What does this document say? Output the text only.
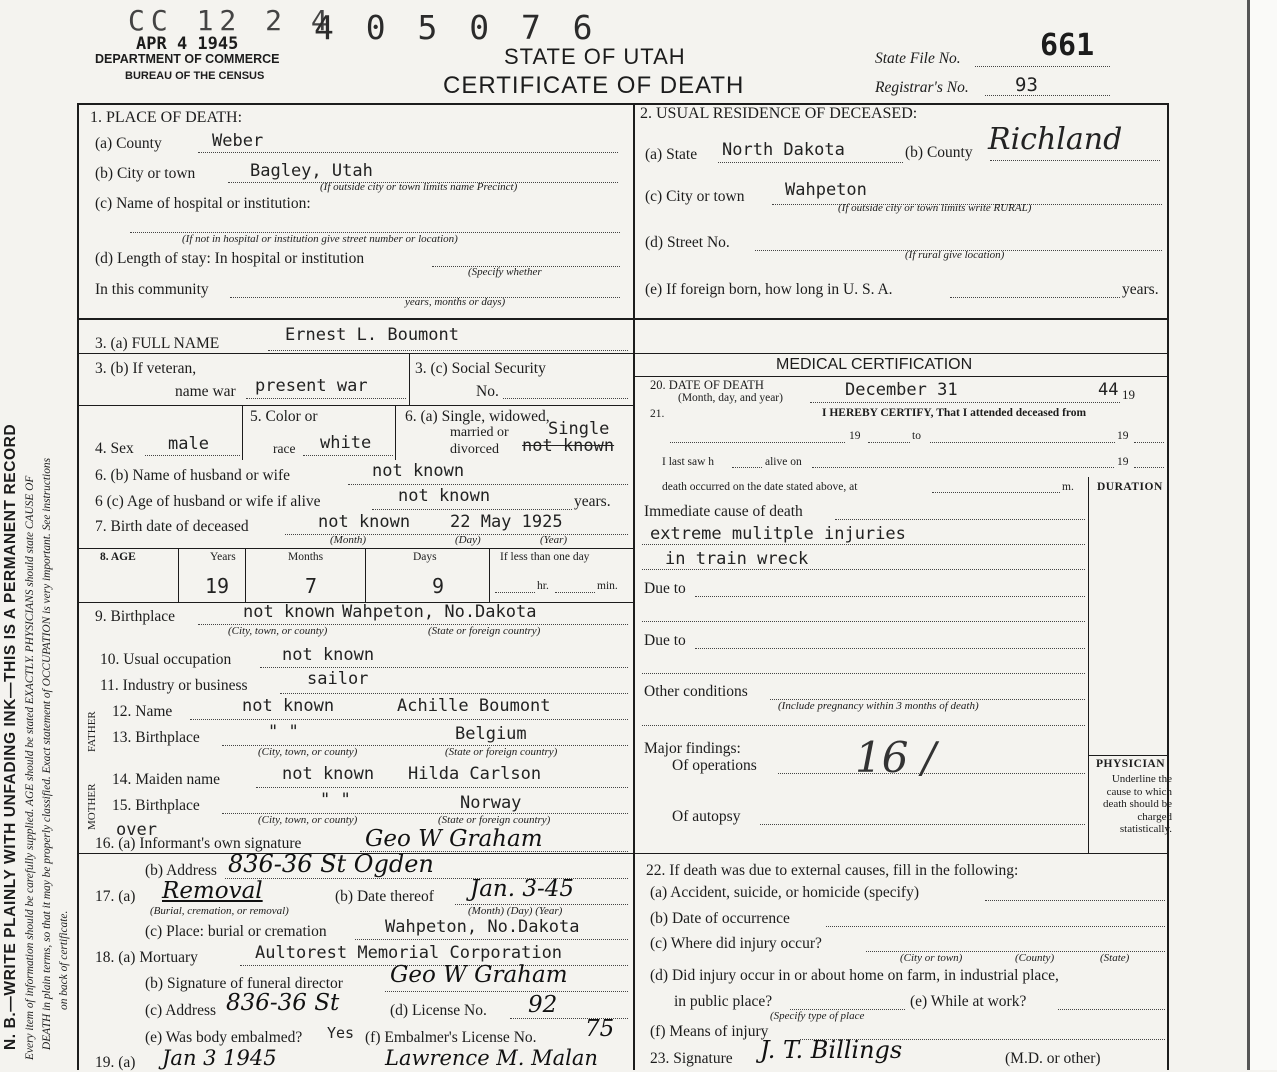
N. B.—WRITE PLAINLY WITH UNFADING INK—THIS IS A PERMANENT RECORD Every item of information should be carefully supplied. AGE should be stated EXACTLY. PHYSICIANS should state CAUSE OF DEATH in plain terms, so that it may be properly classified. Exact statement of OCCUPATION is very important. See instructions on back of certificate.
CC 12 2 4
4 0 5 0 7 6
APR 4 1945
DEPARTMENT OF COMMERCE
BUREAU OF THE CENSUS
STATE OF UTAH
CERTIFICATE OF DEATH
State File No.	661
Registrar's No. 93
1. PLACE OF DEATH:
(a) County	Weber
(b) City or town	Bagley, Utah
(If outside city or town limits name Precinct)
(c) Name of hospital or institution:
(If not in hospital or institution give street number or location)
(d) Length of stay: In hospital or institution
(Specify whether
In this community
years, months or days)
2. USUAL RESIDENCE OF DECEASED:
(a) State North Dakota	(b) County Richland
(c) City or town Wahpeton
(If outside city or town limits write RURAL)
(d) Street No.
(If rural give location)
(e) If foreign born, how long in U. S. A.	years.
3. (a) FULL NAME	Ernest L. Boumont
3. (b) If veteran,
name war present war
3. (c) Social Security
No.
4. Sex male
5. Color or
race white
6. (a) Single, widowed,
married or
divorced
Single
not known
6. (b) Name of husband or wife	not known
6 (c) Age of husband or wife if alive	not known	years.
7. Birth date of deceased	not known 22 May 1925
(Month)	(Day)	(Year)
8. AGE	Years	Months	Days	If less than one day
19	7	9	hr.	min.
9. Birthplace	not known Wahpeton, No.Dakota
(City, town, or county)	(State or foreign country)
10. Usual occupation	not known
11. Industry or business	sailor
FATHER
MOTHER
12. Name	not known	Achille Boumont
13. Birthplace	" "	Belgium
(City, town, or county)	(State or foreign country)
14. Maiden name	not known Hilda Carlson
15. Birthplace	" "	Norway
(City, town, or county)	(State or foreign country)
over
16. (a) Informant's own signature	Geo W Graham
(b) Address 836-36 St Ogden
17. (a) Removal	(b) Date thereof Jan. 3-45
(Burial, cremation, or removal)	(Month) (Day) (Year)
(c) Place: burial or cremation	Wahpeton, No.Dakota
18. (a) Mortuary	Aultorest Memorial Corporation
(b) Signature of funeral director Geo W Graham
(c) Address 836-36 St	(d) License No. 92
(e) Was body embalmed? Yes (f) Embalmer's License No. 75
19. (a) Jan 3 1945	Lawrence M. Malan
MEDICAL CERTIFICATION
20. DATE OF DEATH
(Month, day, and year)	December 31	19
44
21.	I HEREBY CERTIFY, That I attended deceased from
19	to	19
I last saw h	alive on	19
death occurred on the date stated above, at	m. DURATION
Immediate cause of death
extreme mulitple injuries
in train wreck
Due to
Due to
Other conditions
(Include pregnancy within 3 months of death)
Major findings:
Of operations 16 /
Of autopsy
PHYSICIAN
Underline the cause to which death should be charged statistically.
22. If death was due to external causes, fill in the following:
(a) Accident, suicide, or homicide (specify)
(b) Date of occurrence
(c) Where did injury occur?
(City or town)	(County)	(State)
(d) Did injury occur in or about home on farm, in industrial place,
in public place?
(Specify type of place
(e) While at work?
(f) Means of injury
23. Signature J. T. Billings	(M.D. or other)
